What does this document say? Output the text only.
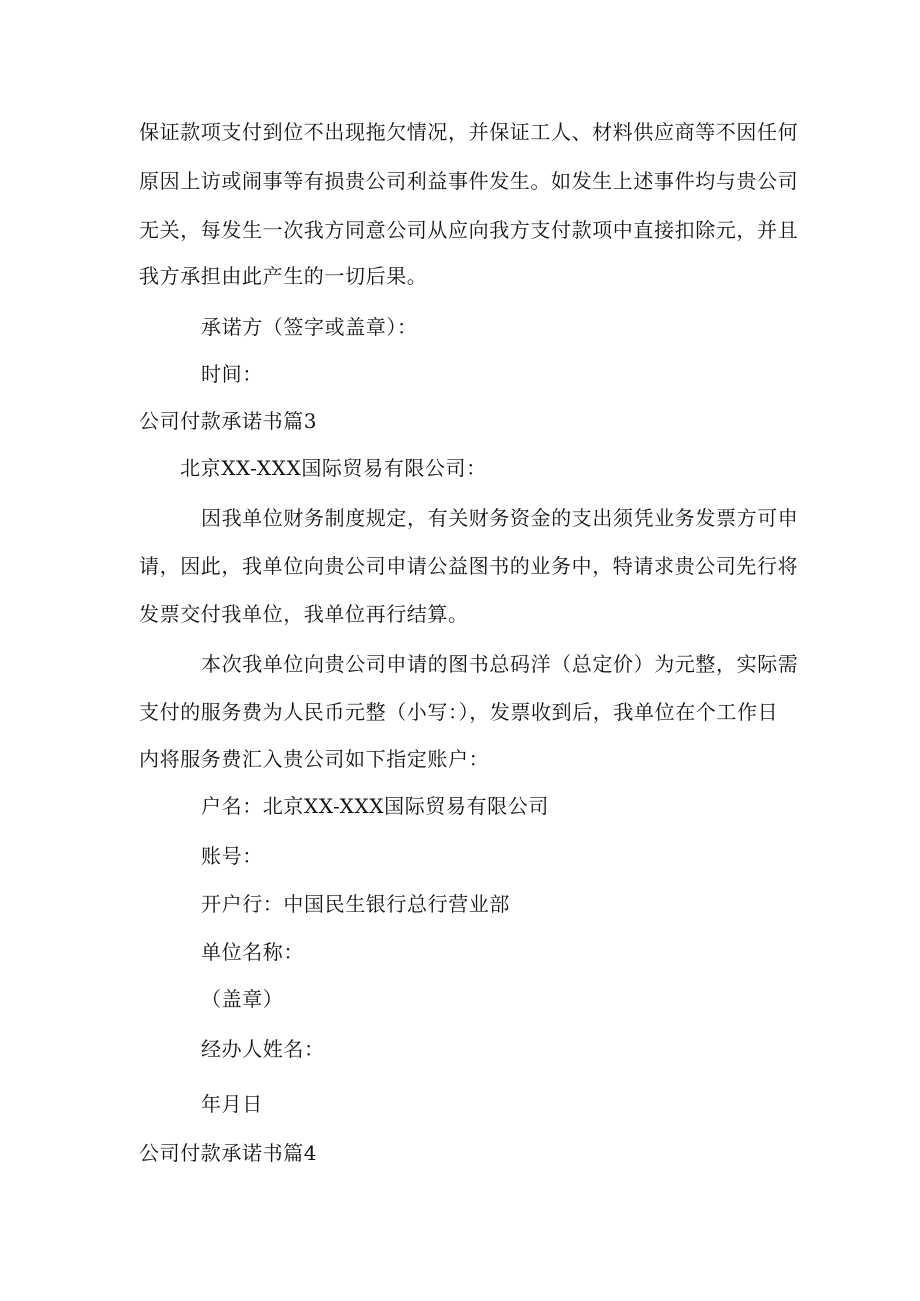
保证款项支付到位不出现拖欠情况，并保证工人、材料供应商等不因任何
原因上访或闹事等有损贵公司利益事件发生。如发生上述事件均与贵公司
无关，每发生一次我方同意公司从应向我方支付款项中直接扣除元，并且
我方承担由此产生的一切后果。
承诺方（签字或盖章）：
时间：
公司付款承诺书篇3
北京XX-XXX国际贸易有限公司：
因我单位财务制度规定，有关财务资金的支出须凭业务发票方可申
请，因此，我单位向贵公司申请公益图书的业务中，特请求贵公司先行将
发票交付我单位，我单位再行结算。
本次我单位向贵公司申请的图书总码洋（总定价）为元整，实际需
支付的服务费为人民币元整（小写：），发票收到后，我单位在个工作日
内将服务费汇入贵公司如下指定账户：
户名：北京XX-XXX国际贸易有限公司
账号：
开户行：中国民生银行总行营业部
单位名称：
（盖章）
经办人姓名：
年月日
公司付款承诺书篇4
